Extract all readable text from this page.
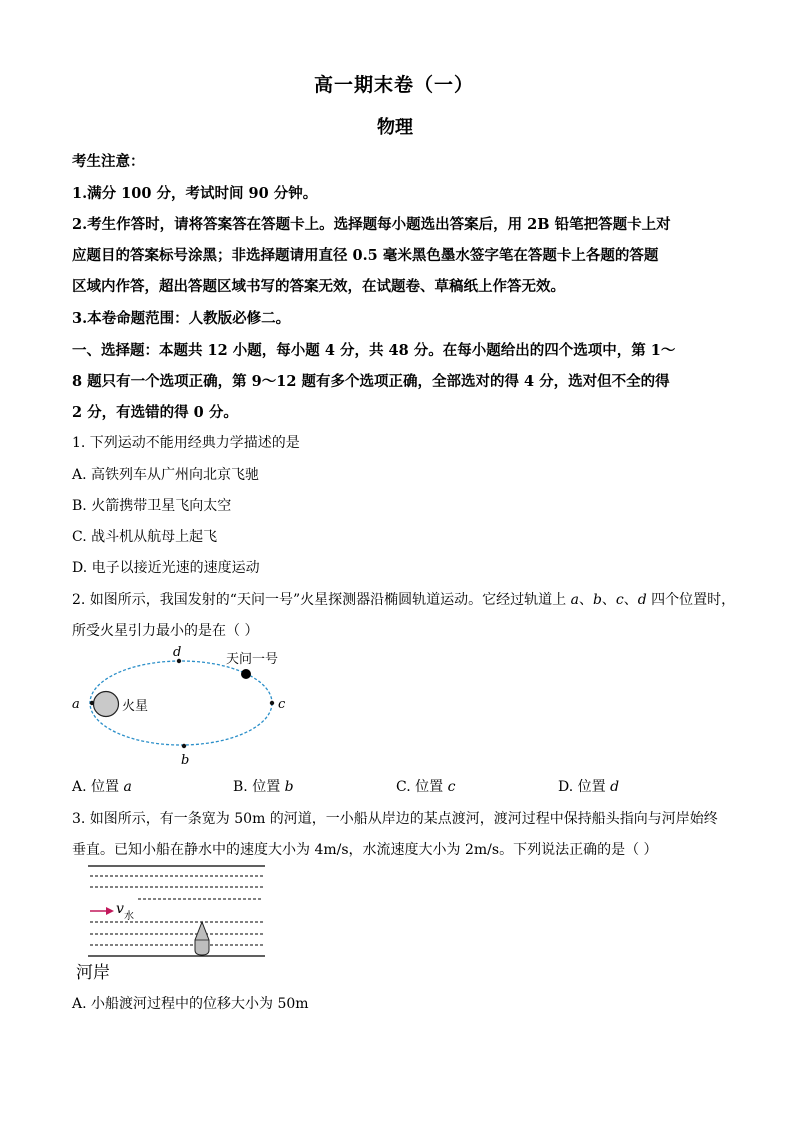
高一期末卷（一）
物理
考生注意：
1.满分 100 分，考试时间 90 分钟。
2.考生作答时，请将答案答在答题卡上。选择题每小题选出答案后，用 2B 铅笔把答题卡上对
应题目的答案标号涂黑；非选择题请用直径 0.5 毫米黑色墨水签字笔在答题卡上各题的答题
区域内作答，超出答题区域书写的答案无效，在试题卷、草稿纸上作答无效。
3.本卷命题范围：人教版必修二。
一、选择题：本题共 12 小题，每小题 4 分，共 48 分。在每小题给出的四个选项中，第 1～
8 题只有一个选项正确，第 9～12 题有多个选项正确，全部选对的得 4 分，选对但不全的得
2 分，有选错的得 0 分。
1. 下列运动不能用经典力学描述的是
A. 高铁列车从广州向北京飞驰
B. 火箭携带卫星飞向太空
C. 战斗机从航母上起飞
D. 电子以接近光速的速度运动
2. 如图所示，我国发射的“天问一号”火星探测器沿椭圆轨道运动。它经过轨道上 a、b、c、d 四个位置时，
所受火星引力最小的是在（ ）
d
a
b
c
天问一号
火星
A. 位置 a	B. 位置 b	C. 位置 c	D. 位置 d
3. 如图所示，有一条宽为 50m 的河道，一小船从岸边的某点渡河，渡河过程中保持船头指向与河岸始终
垂直。已知小船在静水中的速度大小为 4m/s，水流速度大小为 2m/s。下列说法正确的是（ ）
v 水
河岸
A. 小船渡河过程中的位移大小为 50m
